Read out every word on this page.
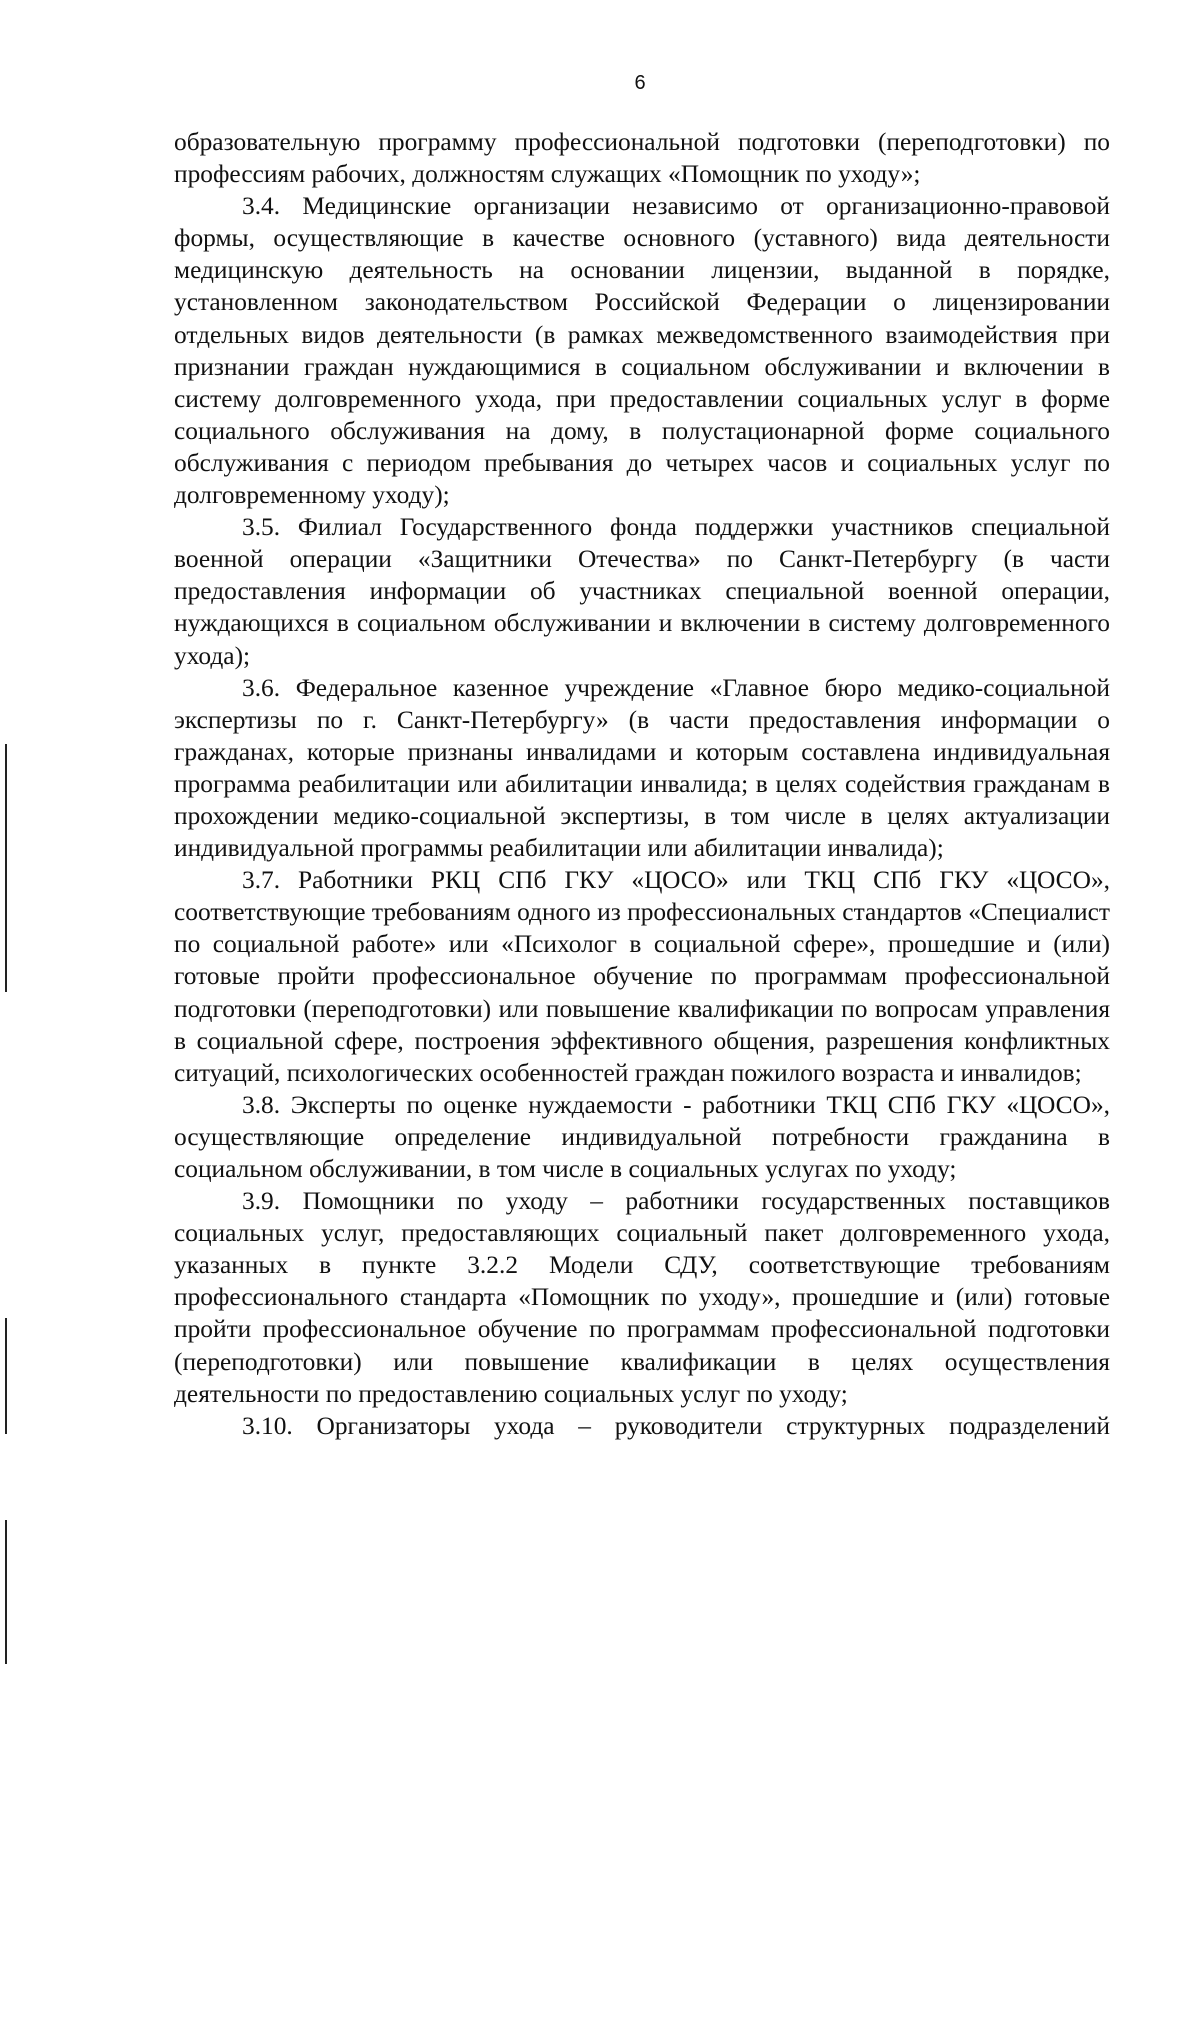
6

образовательную программу профессиональной подготовки (переподготовки) по профессиям рабочих, должностям служащих «Помощник по уходу»;

3.4. Медицинские организации независимо от организационно-правовой формы, осуществляющие в качестве основного (уставного) вида деятельности медицинскую деятельность на основании лицензии, выданной в порядке, установленном законодательством Российской Федерации о лицензировании отдельных видов деятельности (в рамках межведомственного взаимодействия при признании граждан нуждающимися в социальном обслуживании и включении в систему долговременного ухода, при предоставлении социальных услуг в форме социального обслуживания на дому, в полустационарной форме социального обслуживания с периодом пребывания до четырех часов и социальных услуг по долговременному уходу);

3.5. Филиал Государственного фонда поддержки участников специальной военной операции «Защитники Отечества» по Санкт-Петербургу (в части предоставления информации об участниках специальной военной операции, нуждающихся в социальном обслуживании и включении в систему долговременного ухода);

3.6. Федеральное казенное учреждение «Главное бюро медико-социальной экспертизы по г. Санкт-Петербургу» (в части предоставления информации о гражданах, которые признаны инвалидами и которым составлена индивидуальная программа реабилитации или абилитации инвалида; в целях содействия гражданам в прохождении медико-социальной экспертизы, в том числе в целях актуализации индивидуальной программы реабилитации или абилитации инвалида);

3.7. Работники РКЦ СПб ГКУ «ЦОСО» или ТКЦ СПб ГКУ «ЦОСО», соответствующие требованиям одного из профессиональных стандартов «Специалист по социальной работе» или «Психолог в социальной сфере», прошедшие и (или) готовые пройти профессиональное обучение по программам профессиональной подготовки (переподготовки) или повышение квалификации по вопросам управления в социальной сфере, построения эффективного общения, разрешения конфликтных ситуаций, психологических особенностей граждан пожилого возраста и инвалидов;

3.8. Эксперты по оценке нуждаемости - работники ТКЦ СПб ГКУ «ЦОСО», осуществляющие определение индивидуальной потребности гражданина в социальном обслуживании, в том числе в социальных услугах по уходу;

3.9. Помощники по уходу – работники государственных поставщиков социальных услуг, предоставляющих социальный пакет долговременного ухода, указанных в пункте 3.2.2 Модели СДУ, соответствующие требованиям профессионального стандарта «Помощник по уходу», прошедшие и (или) готовые пройти профессиональное обучение по программам профессиональной подготовки (переподготовки) или повышение квалификации в целях осуществления деятельности по предоставлению социальных услуг по уходу;

3.10. Организаторы ухода – руководители структурных подразделений
